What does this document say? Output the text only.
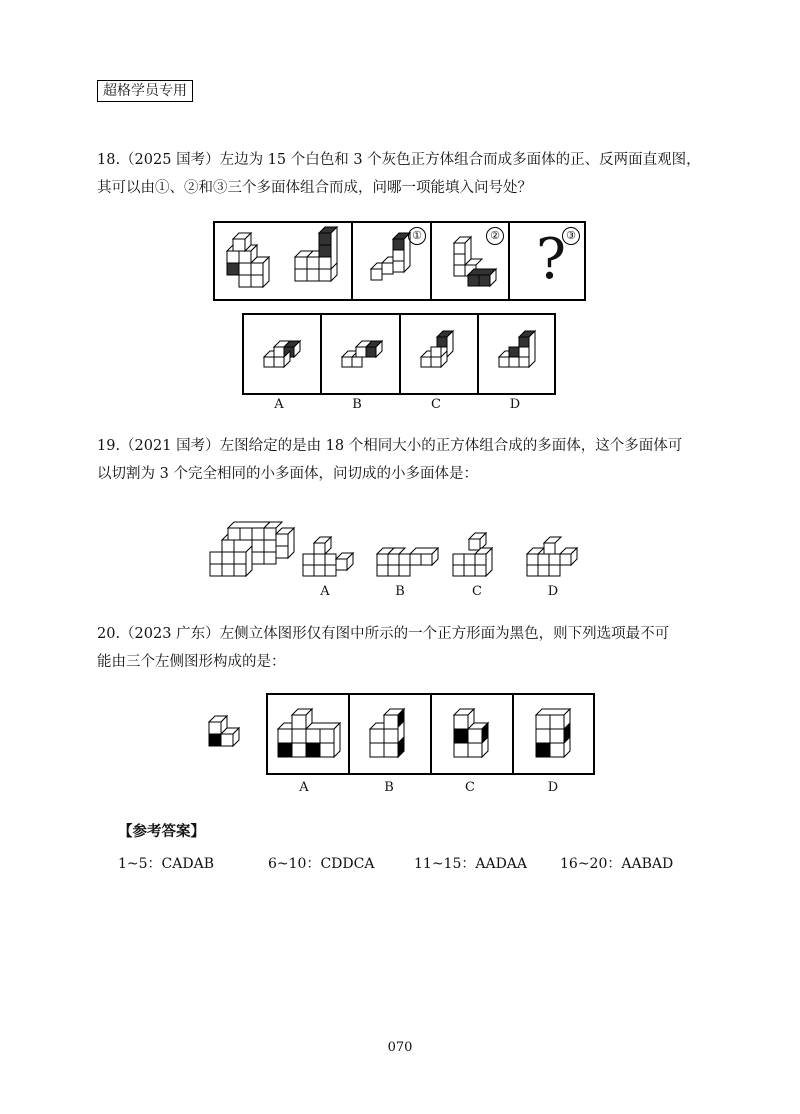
超格学员专用
18.（2025 国考）左边为 15 个白色和 3 个灰色正方体组合而成多面体的正、反两面直观图，
其可以由①、②和③三个多面体组合而成，问哪一项能填入问号处？
①	② ? ③
A	B	C	D
19.（2021 国考）左图给定的是由 18 个相同大小的正方体组合成的多面体，这个多面体可
以切割为 3 个完全相同的小多面体，问切成的小多面体是：
A	B	C	D
20.（2023 广东）左侧立体图形仅有图中所示的一个正方形面为黑色，则下列选项最不可
能由三个左侧图形构成的是：
A	B	C	D
【参考答案】
1~5：CADAB	6~10：CDDCA	11~15：AADAA 16~20：AABAD
070
